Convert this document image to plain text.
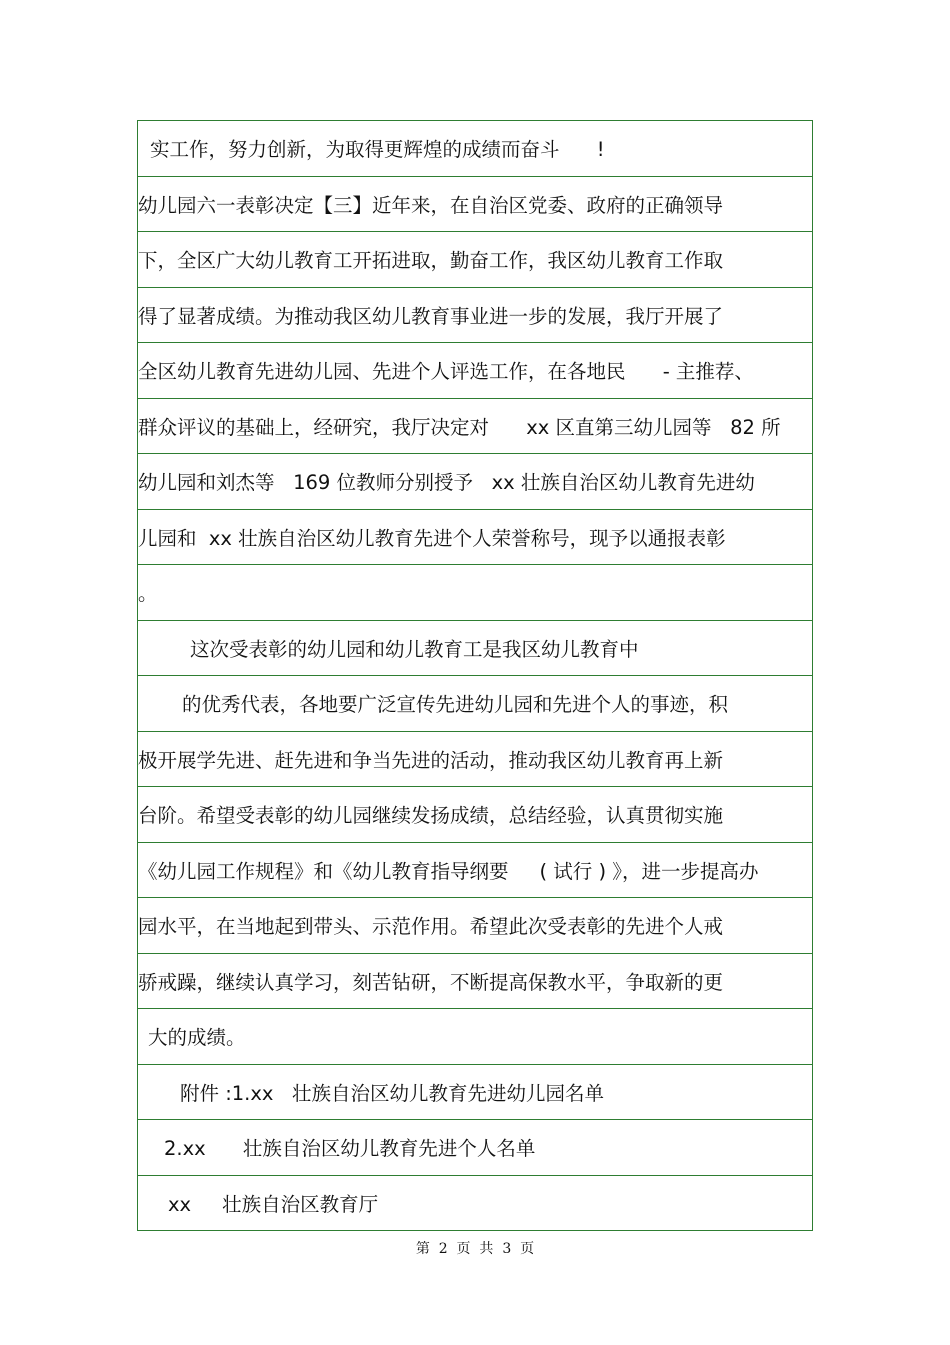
实工作，努力创新，为取得更辉煌的成绩而奋斗      !
幼儿园六一表彰决定【三】近年来，在自治区党委、政府的正确领导
下，全区广大幼儿教育工开拓进取，勤奋工作，我区幼儿教育工作取
得了显著成绩。为推动我区幼儿教育事业进一步的发展，我厅开展了
全区幼儿教育先进幼儿园、先进个人评选工作，在各地民      - 主推荐、
群众评议的基础上，经研究，我厅决定对      xx 区直第三幼儿园等   82 所
幼儿园和刘杰等   169 位教师分别授予   xx 壮族自治区幼儿教育先进幼
儿园和  xx 壮族自治区幼儿教育先进个人荣誉称号，现予以通报表彰
。
这次受表彰的幼儿园和幼儿教育工是我区幼儿教育中
的优秀代表，各地要广泛宣传先进幼儿园和先进个人的事迹，积
极开展学先进、赶先进和争当先进的活动，推动我区幼儿教育再上新
台阶。希望受表彰的幼儿园继续发扬成绩，总结经验，认真贯彻实施
《幼儿园工作规程》和《幼儿教育指导纲要     ( 试行 ) 》，进一步提高办
园水平，在当地起到带头、示范作用。希望此次受表彰的先进个人戒
骄戒躁，继续认真学习，刻苦钻研，不断提高保教水平，争取新的更
大的成绩。
附件 :1.xx   壮族自治区幼儿教育先进幼儿园名单
2.xx      壮族自治区幼儿教育先进个人名单
xx     壮族自治区教育厅
第  2  页  共  3  页
